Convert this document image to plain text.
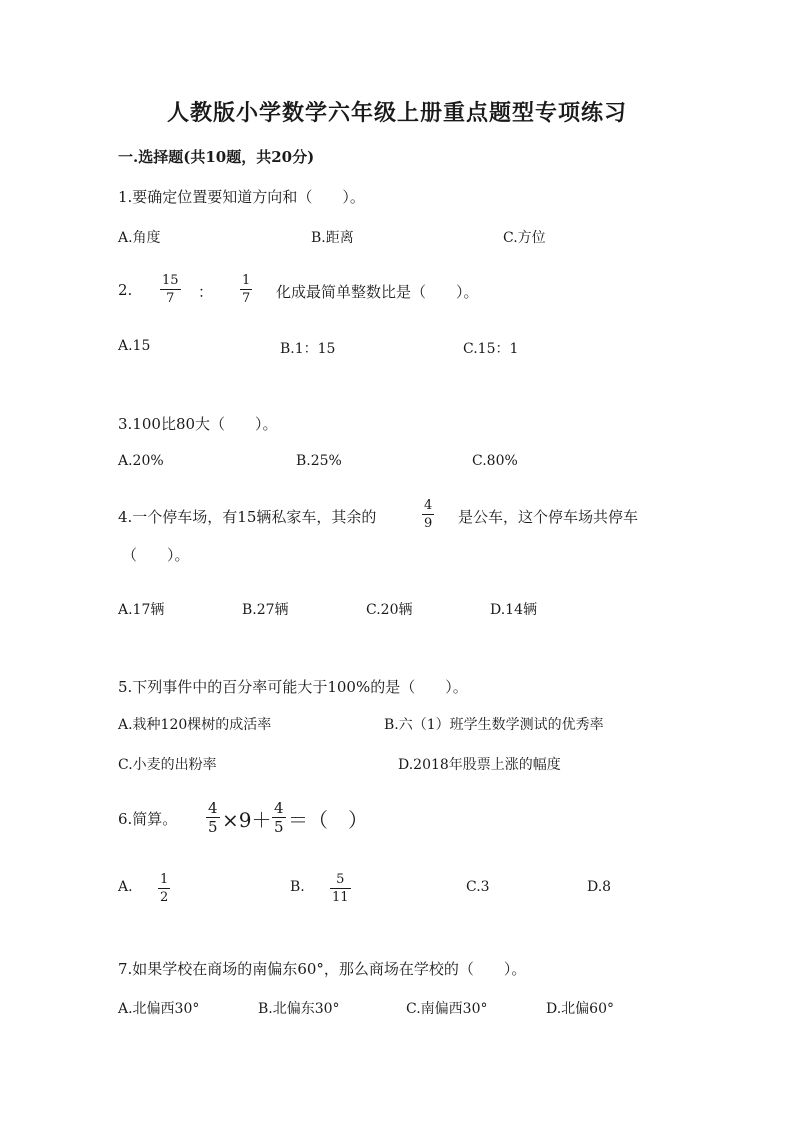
人教版小学数学六年级上册重点题型专项练习
一.选择题(共10题，共20分)
1.要确定位置要知道方向和（　　）。
A.角度	B.距离	C.方位
2.
15
7 ：
1
7 化成最简单整数比是（　　）。
A.15	B.1：15	C.15：1
3.100比80大（　　）。
A.20%	B.25%	C.80%
4.一个停车场，有15辆私家车，其余的
4
9 是公车，这个停车场共停车
（　　）。
A.17辆	B.27辆	C.20辆	D.14辆
5.下列事件中的百分率可能大于100%的是（　　）。
A.栽种120棵树的成活率	B.六（1）班学生数学测试的优秀率
C.小麦的出粉率	D.2018年股票上涨的幅度
6.简算。
4
5 ×9＋ 4
5 ＝（　）
A. 1
2
B. 5
11
C.3	D.8
7.如果学校在商场的南偏东60°，那么商场在学校的（　　）。
A.北偏西30°	B.北偏东30°	C.南偏西30°	D.北偏60°
